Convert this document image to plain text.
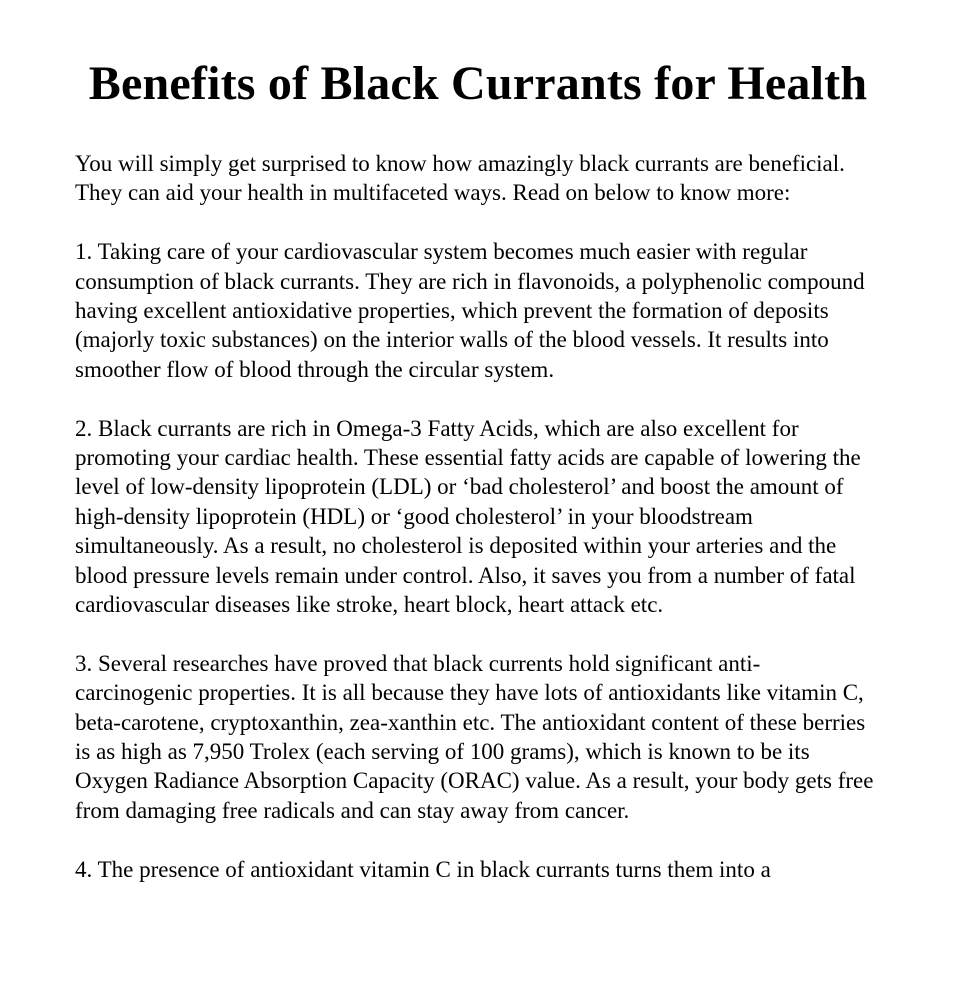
Benefits of Black Currants for Health

You will simply get surprised to know how amazingly black currants are beneficial. They can aid your health in multifaceted ways. Read on below to know more:

1. Taking care of your cardiovascular system becomes much easier with regular consumption of black currants. They are rich in flavonoids, a polyphenolic compound having excellent antioxidative properties, which prevent the formation of deposits (majorly toxic substances) on the interior walls of the blood vessels. It results into smoother flow of blood through the circular system.

2. Black currants are rich in Omega-3 Fatty Acids, which are also excellent for promoting your cardiac health. These essential fatty acids are capable of lowering the level of low-density lipoprotein (LDL) or ‘bad cholesterol’ and boost the amount of high-density lipoprotein (HDL) or ‘good cholesterol’ in your bloodstream simultaneously. As a result, no cholesterol is deposited within your arteries and the blood pressure levels remain under control. Also, it saves you from a number of fatal cardiovascular diseases like stroke, heart block, heart attack etc.

3. Several researches have proved that black currents hold significant anti-carcinogenic properties. It is all because they have lots of antioxidants like vitamin C, beta-carotene, cryptoxanthin, zea-xanthin etc. The antioxidant content of these berries is as high as 7,950 Trolex (each serving of 100 grams), which is known to be its Oxygen Radiance Absorption Capacity (ORAC) value. As a result, your body gets free from damaging free radicals and can stay away from cancer.

4. The presence of antioxidant vitamin C in black currants turns them into a
